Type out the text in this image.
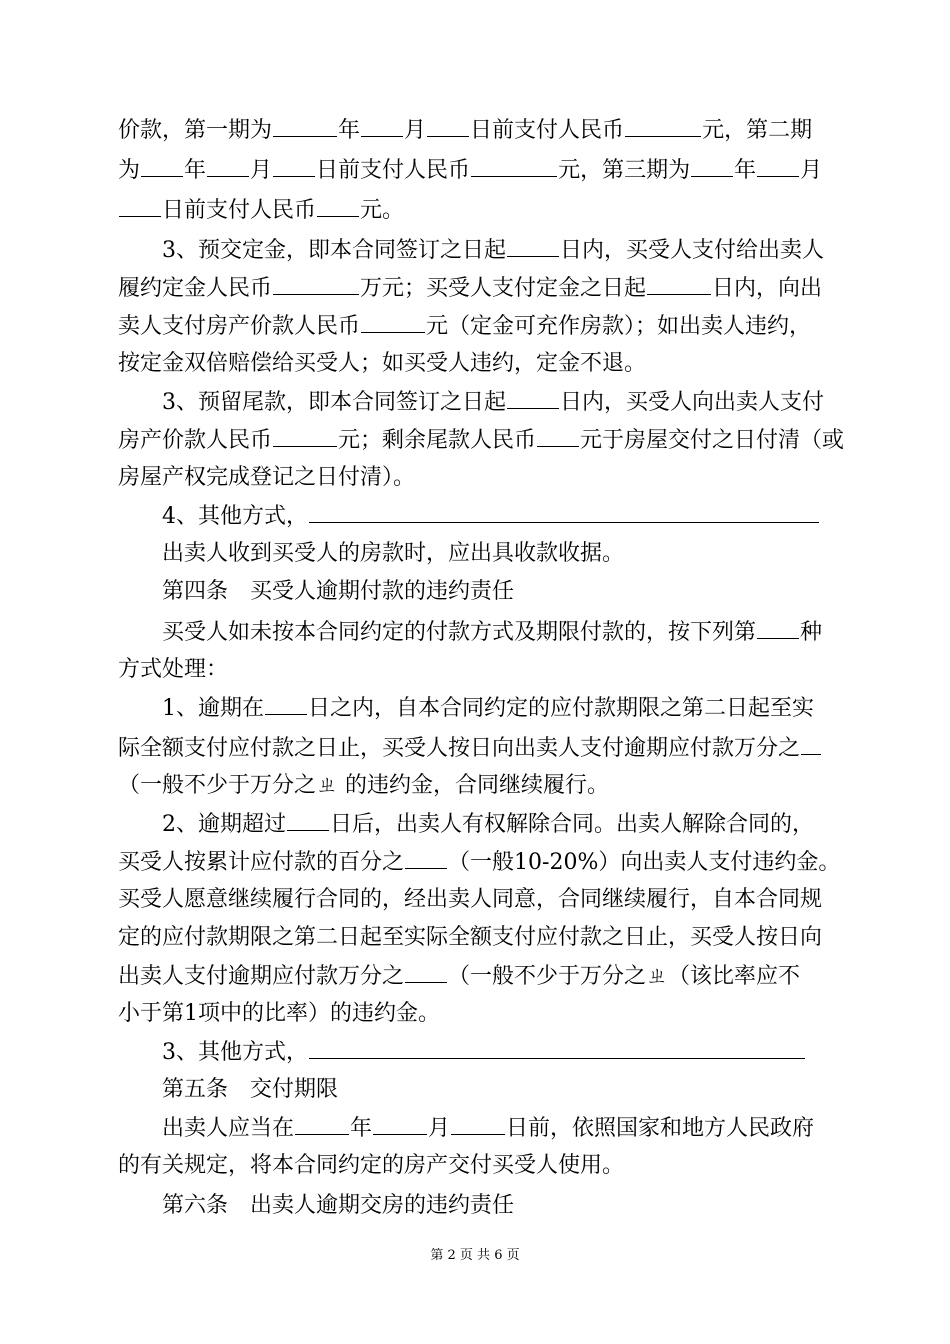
价款，第一期为	年 月 日前支付人民币	元，第二期
为 年 月 日前支付人民币	元，第三期为 年 月
日前支付人民币 元。
3、预交定金，即本合同签订之日起 日内，买受人支付给出卖人
履约定金人民币	万元；买受人支付定金之日起	日内，向出
卖人支付房产价款人民币	元（定金可充作房款）；如出卖人违约，
按定金双倍赔偿给买受人；如买受人违约，定金不退。
3、预留尾款，即本合同签订之日起 日内，买受人向出卖人支付
房产价款人民币	元；剩余尾款人民币 元于房屋交付之日付清（或
房屋产权完成登记之日付清）。
4、其他方式，
出卖人收到买受人的房款时，应出具收款收据。
第四条　买受人逾期付款的违约责任
买受人如未按本合同约定的付款方式及期限付款的，按下列第 种
方式处理：
1、逾期在 日之内，自本合同约定的应付款期限之第二日起至实
际全额支付应付款之日止，买受人按日向出卖人支付逾期应付款万分之
（一般不少于万分之ㄓ 的违约金，合同继续履行。
2、逾期超过 日后，出卖人有权解除合同。出卖人解除合同的，
买受人按累计应付款的百分之 （一般10-20%）向出卖人支付违约金。
买受人愿意继续履行合同的，经出卖人同意，合同继续履行，自本合同规
定的应付款期限之第二日起至实际全额支付应付款之日止，买受人按日向
出卖人支付逾期应付款万分之 （一般不少于万分之ㄓ（该比率应不
小于第1项中的比率）的违约金。
3、其他方式，
第五条　交付期限
出卖人应当在	年	月	日前，依照国家和地方人民政府
的有关规定，将本合同约定的房产交付买受人使用。
第六条　出卖人逾期交房的违约责任
第 2 页 共 6 页
